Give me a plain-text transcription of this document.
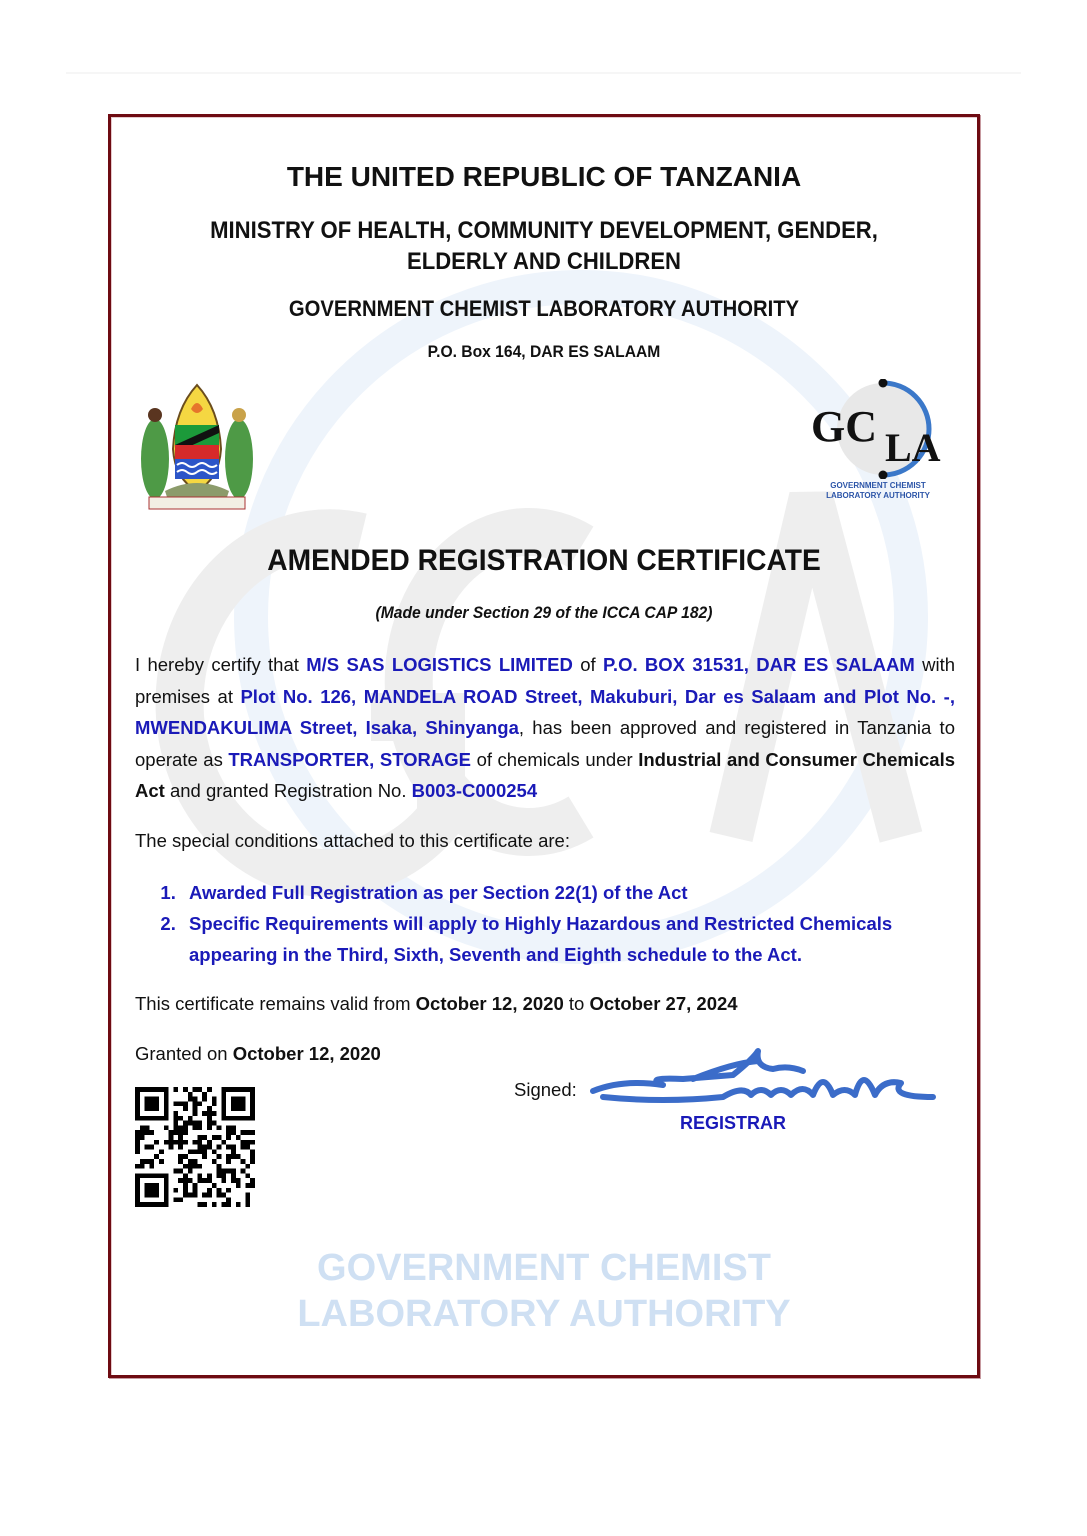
THE UNITED REPUBLIC OF TANZANIA
MINISTRY OF HEALTH, COMMUNITY DEVELOPMENT, GENDER,
ELDERLY AND CHILDREN
GOVERNMENT CHEMIST LABORATORY AUTHORITY
P.O. Box 164, DAR ES SALAAM
GC LA
GOVERNMENT CHEMIST
LABORATORY AUTHORITY
AMENDED REGISTRATION CERTIFICATE
(Made under Section 29 of the ICCA CAP 182)
I hereby certify that M/S SAS LOGISTICS LIMITED of P.O. BOX 31531, DAR ES SALAAM with premises at Plot No. 126, MANDELA ROAD Street, Makuburi, Dar es Salaam and Plot No. -, MWENDAKULIMA Street, Isaka, Shinyanga, has been approved and registered in Tanzania to operate as TRANSPORTER, STORAGE of chemicals under Industrial and Consumer Chemicals Act and granted Registration No. B003-C000254
The special conditions attached to this certificate are:
1. Awarded Full Registration as per Section 22(1) of the Act
2. Specific Requirements will apply to Highly Hazardous and Restricted Chemicals appearing in the Third, Sixth, Seventh and Eighth schedule to the Act.
This certificate remains valid from October 12, 2020 to October 27, 2024
Granted on October 12, 2020
Signed:
REGISTRAR
GOVERNMENT CHEMIST
LABORATORY AUTHORITY
